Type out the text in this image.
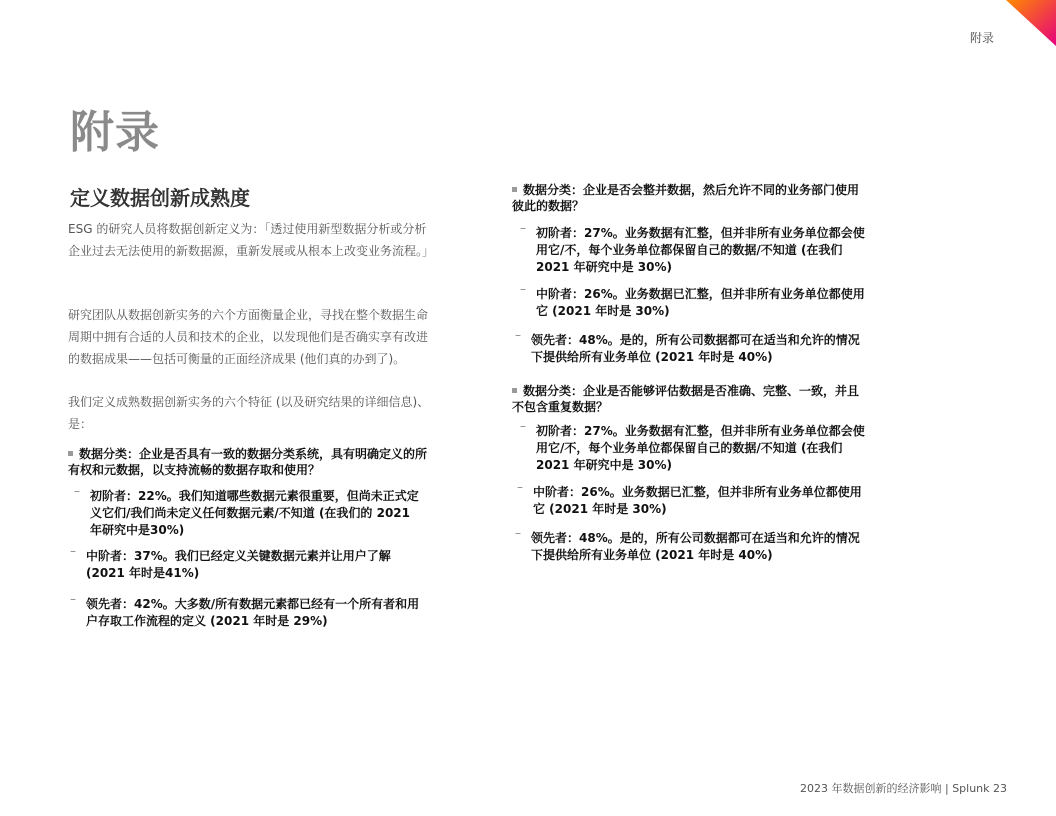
附录
附录
定义数据创新成熟度

ESG 的研究人员将数据创新定义为：「透过使用新型数据分析或分析企业过去无法使用的新数据源，重新发展或从根本上改变业务流程。」

研究团队从数据创新实务的六个方面衡量企业，寻找在整个数据生命周期中拥有合适的人员和技术的企业，以发现他们是否确实享有改进的数据成果——包括可衡量的正面经济成果 (他们真的办到了)。

我们定义成熟数据创新实务的六个特征 (以及研究结果的详细信息)、是：

数据分类：企业是否具有一致的数据分类系统，具有明确定义的所有权和元数据，以支持流畅的数据存取和使用？
– 初阶者：22%。我们知道哪些数据元素很重要，但尚未正式定义它们/我们尚未定义任何数据元素/不知道 (在我们的 2021 年研究中是30%)
– 中阶者：37%。我们已经定义关键数据元素并让用户了解 (2021 年时是41%)
– 领先者：42%。大多数/所有数据元素都已经有一个所有者和用户存取工作流程的定义 (2021 年时是 29%)
数据分类：企业是否会整并数据，然后允许不同的业务部门使用彼此的数据？
– 初阶者：27%。业务数据有汇整，但并非所有业务单位都会使用它/不，每个业务单位都保留自己的数据/不知道 (在我们 2021 年研究中是 30%)
– 中阶者：26%。业务数据已汇整，但并非所有业务单位都使用它 (2021 年时是 30%)
– 领先者：48%。是的，所有公司数据都可在适当和允许的情况下提供给所有业务单位 (2021 年时是 40%)
数据分类：企业是否能够评估数据是否准确、完整、一致，并且不包含重复数据？
– 初阶者：27%。业务数据有汇整，但并非所有业务单位都会使用它/不，每个业务单位都保留自己的数据/不知道 (在我们 2021 年研究中是 30%)
– 中阶者：26%。业务数据已汇整，但并非所有业务单位都使用它 (2021 年时是 30%)
– 领先者：48%。是的，所有公司数据都可在适当和允许的情况下提供给所有业务单位 (2021 年时是 40%)
2023 年数据创新的经济影响 | Splunk 23
